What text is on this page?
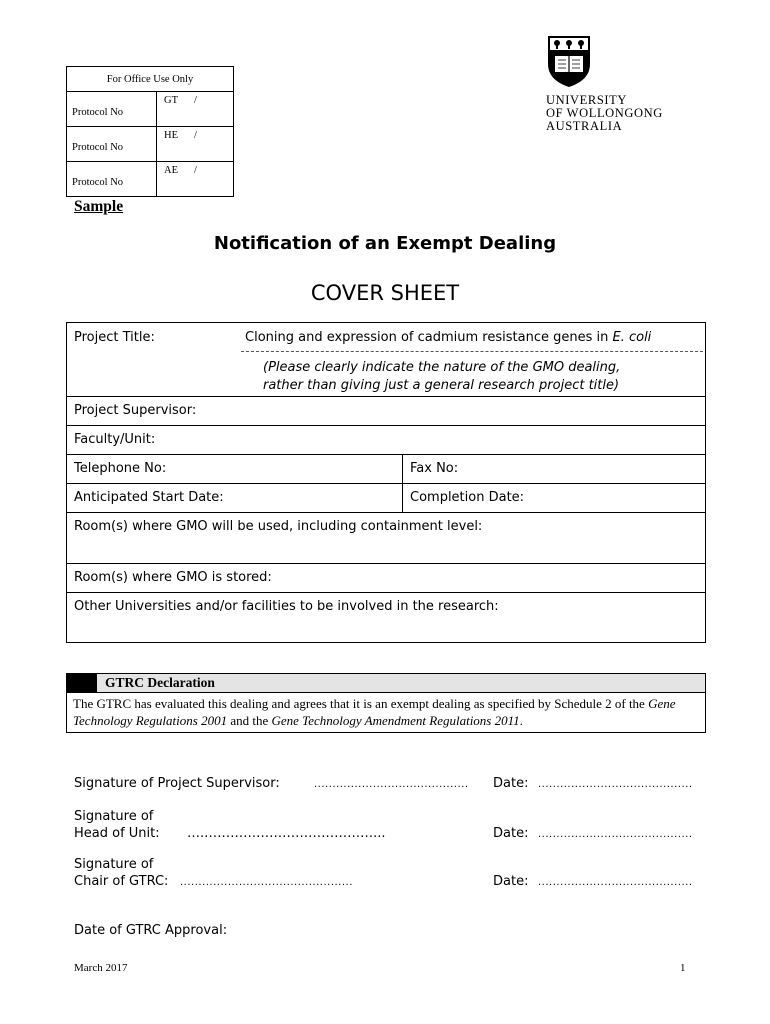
For Office Use Only	
Protocol No	GT /
Protocol No	HE /
Protocol No	AE /
UNIVERSITY
OF WOLLONGONG
AUSTRALIA
Sample
Notification of an Exempt Dealing
COVER SHEET
Project Title:	Cloning and expression of cadmium resistance genes in E. coli
(Please clearly indicate the nature of the GMO dealing,
rather than giving just a general research project title)
Project Supervisor:
Faculty/Unit:
Telephone No:	Fax No:
Anticipated Start Date:	Completion Date:
Room(s) where GMO will be used, including containment level:
Room(s) where GMO is stored:
Other Universities and/or facilities to be involved in the research:
GTRC Declaration
The GTRC has evaluated this dealing and agrees that it is an exempt dealing as specified by Schedule 2 of the Gene Technology Regulations 2001 and the Gene Technology Amendment Regulations 2011.
Signature of Project Supervisor:	.......................................... Date: ..........................................
Signature of
Head of Unit: ….…………………………………...	Date: ..........................................
Signature of
Chair of GTRC: ...............................................	Date: ..........................................
Date of GTRC Approval:
March 2017	1
